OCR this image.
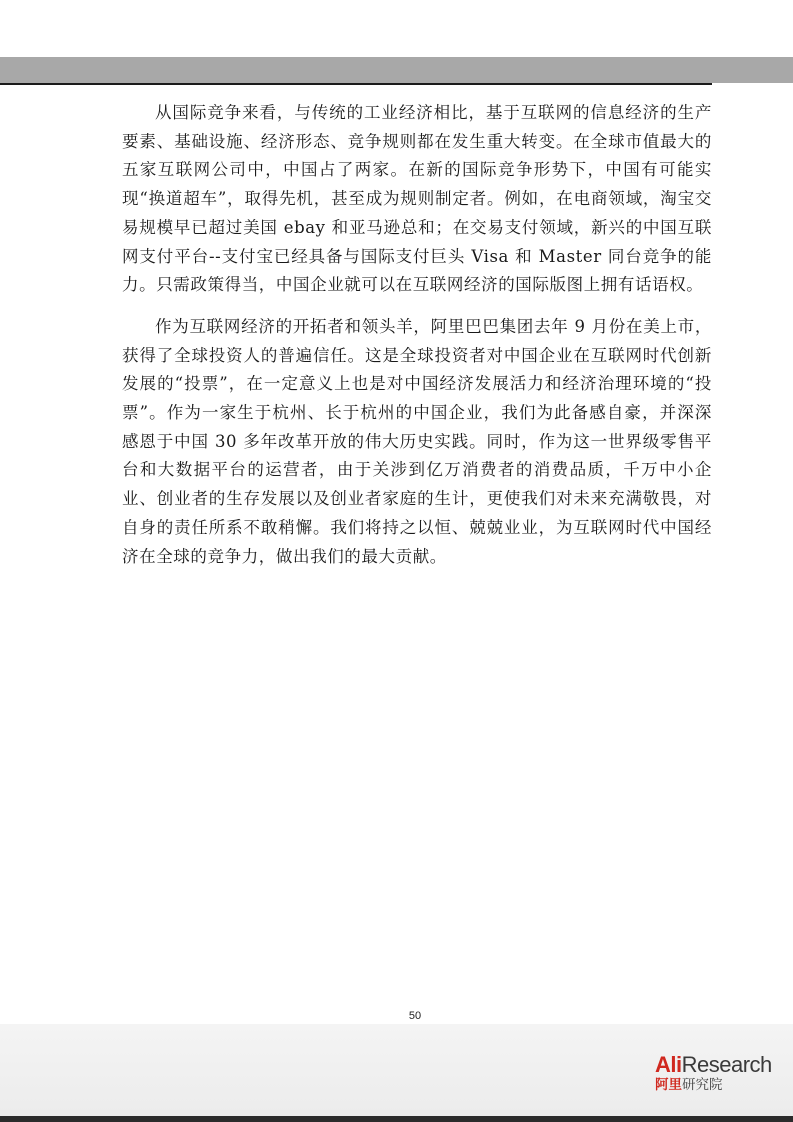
从国际竞争来看，与传统的工业经济相比，基于互联网的信息经济的生产要素、基础设施、经济形态、竞争规则都在发生重大转变。在全球市值最大的五家互联网公司中，中国占了两家。在新的国际竞争形势下，中国有可能实现“换道超车”，取得先机，甚至成为规则制定者。例如，在电商领域，淘宝交易规模早已超过美国 ebay 和亚马逊总和；在交易支付领域，新兴的中国互联网支付平台--支付宝已经具备与国际支付巨头 Visa 和 Master 同台竞争的能力。只需政策得当，中国企业就可以在互联网经济的国际版图上拥有话语权。

作为互联网经济的开拓者和领头羊，阿里巴巴集团去年 9 月份在美上市，获得了全球投资人的普遍信任。这是全球投资者对中国企业在互联网时代创新发展的“投票”，在一定意义上也是对中国经济发展活力和经济治理环境的“投票”。作为一家生于杭州、长于杭州的中国企业，我们为此备感自豪，并深深感恩于中国 30 多年改革开放的伟大历史实践。同时，作为这一世界级零售平台和大数据平台的运营者，由于关涉到亿万消费者的消费品质，千万中小企业、创业者的生存发展以及创业者家庭的生计，更使我们对未来充满敬畏，对自身的责任所系不敢稍懈。我们将持之以恒、兢兢业业，为互联网时代中国经济在全球的竞争力，做出我们的最大贡献。

50
AliResearch
阿里研究院
